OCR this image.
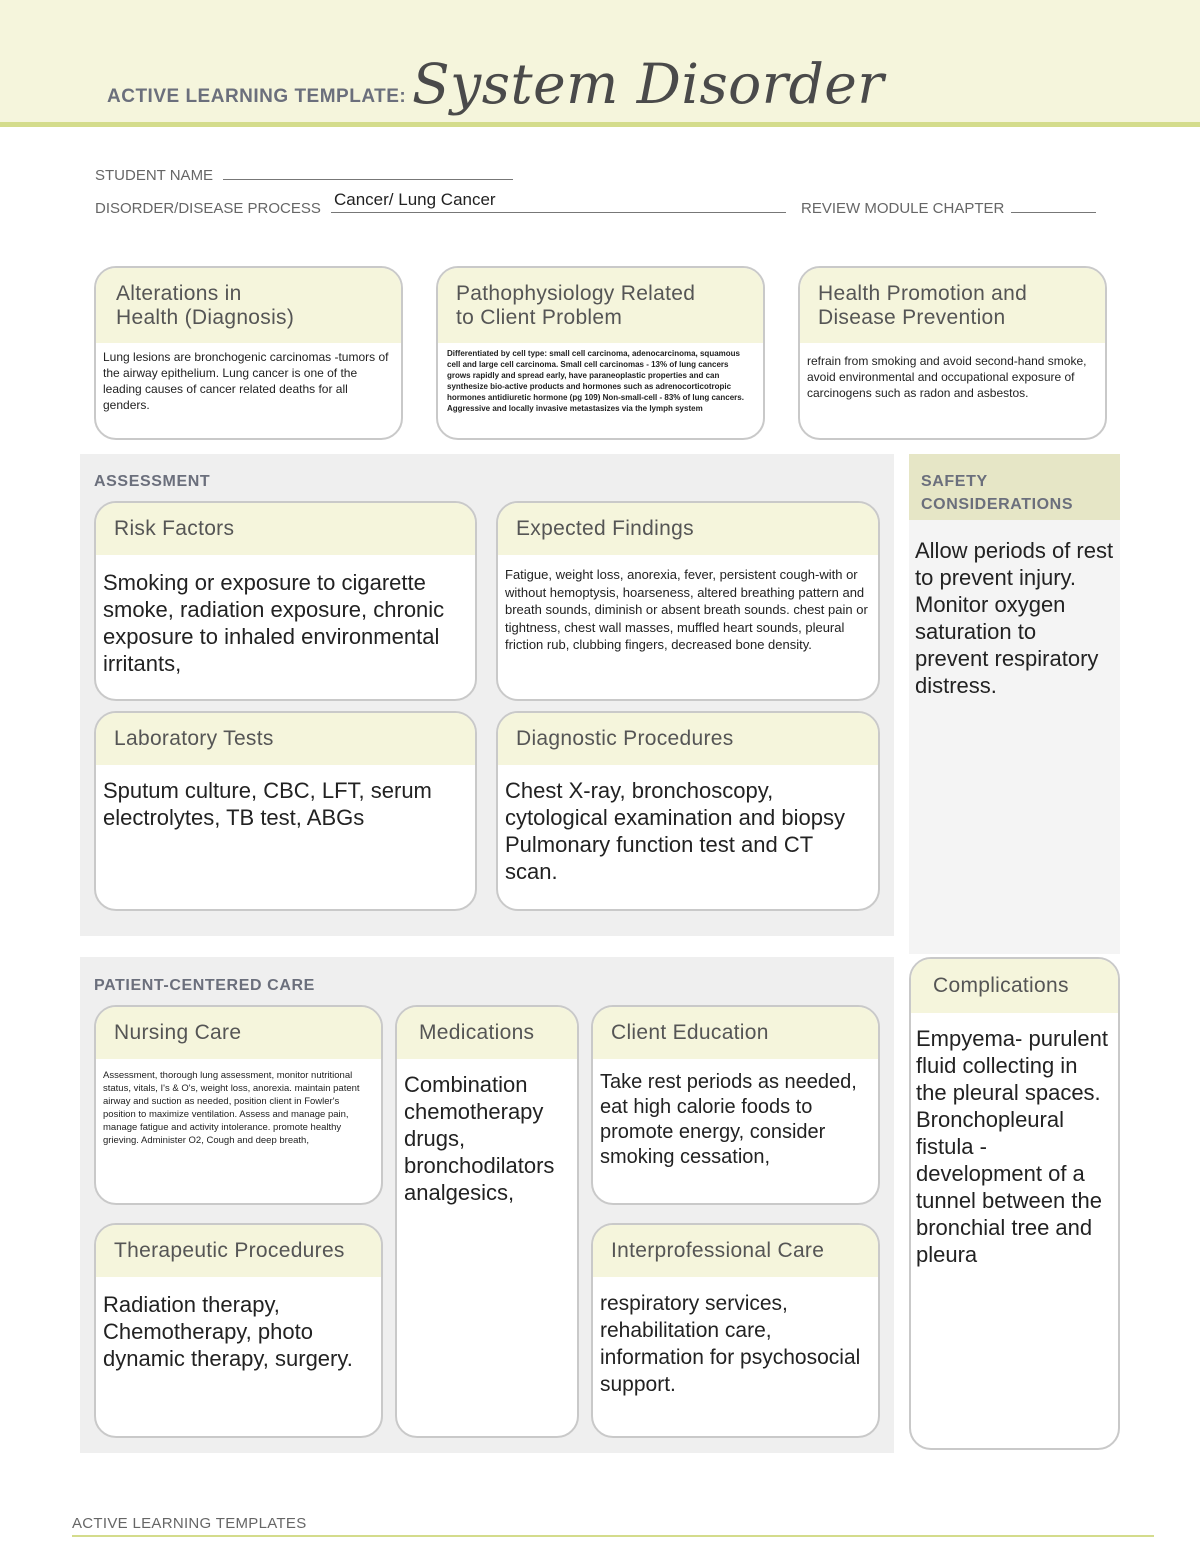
ACTIVE LEARNING TEMPLATE: System Disorder
STUDENT NAME
DISORDER/DISEASE PROCESS Cancer/ Lung Cancer	REVIEW MODULE CHAPTER
Alterations in
Health (Diagnosis)
Lung lesions are bronchogenic carcinomas -tumors of the airway epithelium. Lung cancer is one of the leading causes of cancer related deaths for all genders.
Pathophysiology Related
to Client Problem
Differentiated by cell type: small cell carcinoma, adenocarcinoma, squamous cell and large cell carcinoma. Small cell carcinomas - 13% of lung cancers grows rapidly and spread early, have paraneoplastic properties and can synthesize bio-active products and hormones such as adrenocorticotropic hormones antidiuretic hormone (pg 109) Non-small-cell - 83% of lung cancers. Aggressive and locally invasive metastasizes via the lymph system
Health Promotion and
Disease Prevention
refrain from smoking and avoid second-hand smoke, avoid environmental and occupational exposure of carcinogens such as radon and asbestos.
ASSESSMENT
Risk Factors
Smoking or exposure to cigarette smoke, radiation exposure, chronic exposure to inhaled environmental irritants,
Expected Findings
Fatigue, weight loss, anorexia, fever, persistent cough-with or without hemoptysis, hoarseness, altered breathing pattern and breath sounds, diminish or absent breath sounds. chest pain or tightness, chest wall masses, muffled heart sounds, pleural friction rub, clubbing fingers, decreased bone density.
Laboratory Tests
Sputum culture, CBC, LFT, serum electrolytes, TB test, ABGs
Diagnostic Procedures
Chest X-ray, bronchoscopy, cytological examination and biopsy Pulmonary function test and CT scan.
SAFETY
CONSIDERATIONS
Allow periods of rest to prevent injury. Monitor oxygen saturation to prevent respiratory distress.
PATIENT-CENTERED CARE
Nursing Care
Assessment, thorough lung assessment, monitor nutritional status, vitals, I's & O's, weight loss, anorexia. maintain patent airway and suction as needed, position client in Fowler's position to maximize ventilation. Assess and manage pain, manage fatigue and activity intolerance. promote healthy grieving. Administer O2, Cough and deep breath,
Medications
Combination chemotherapy drugs, bronchodilators analgesics,
Client Education
Take rest periods as needed, eat high calorie foods to promote energy, consider smoking cessation,
Therapeutic Procedures
Radiation therapy, Chemotherapy, photo dynamic therapy, surgery.
Interprofessional Care
respiratory services, rehabilitation care, information for psychosocial support.
Complications
Empyema- purulent fluid collecting in the pleural spaces. Bronchopleural fistula - development of a tunnel between the bronchial tree and pleura
ACTIVE LEARNING TEMPLATES
